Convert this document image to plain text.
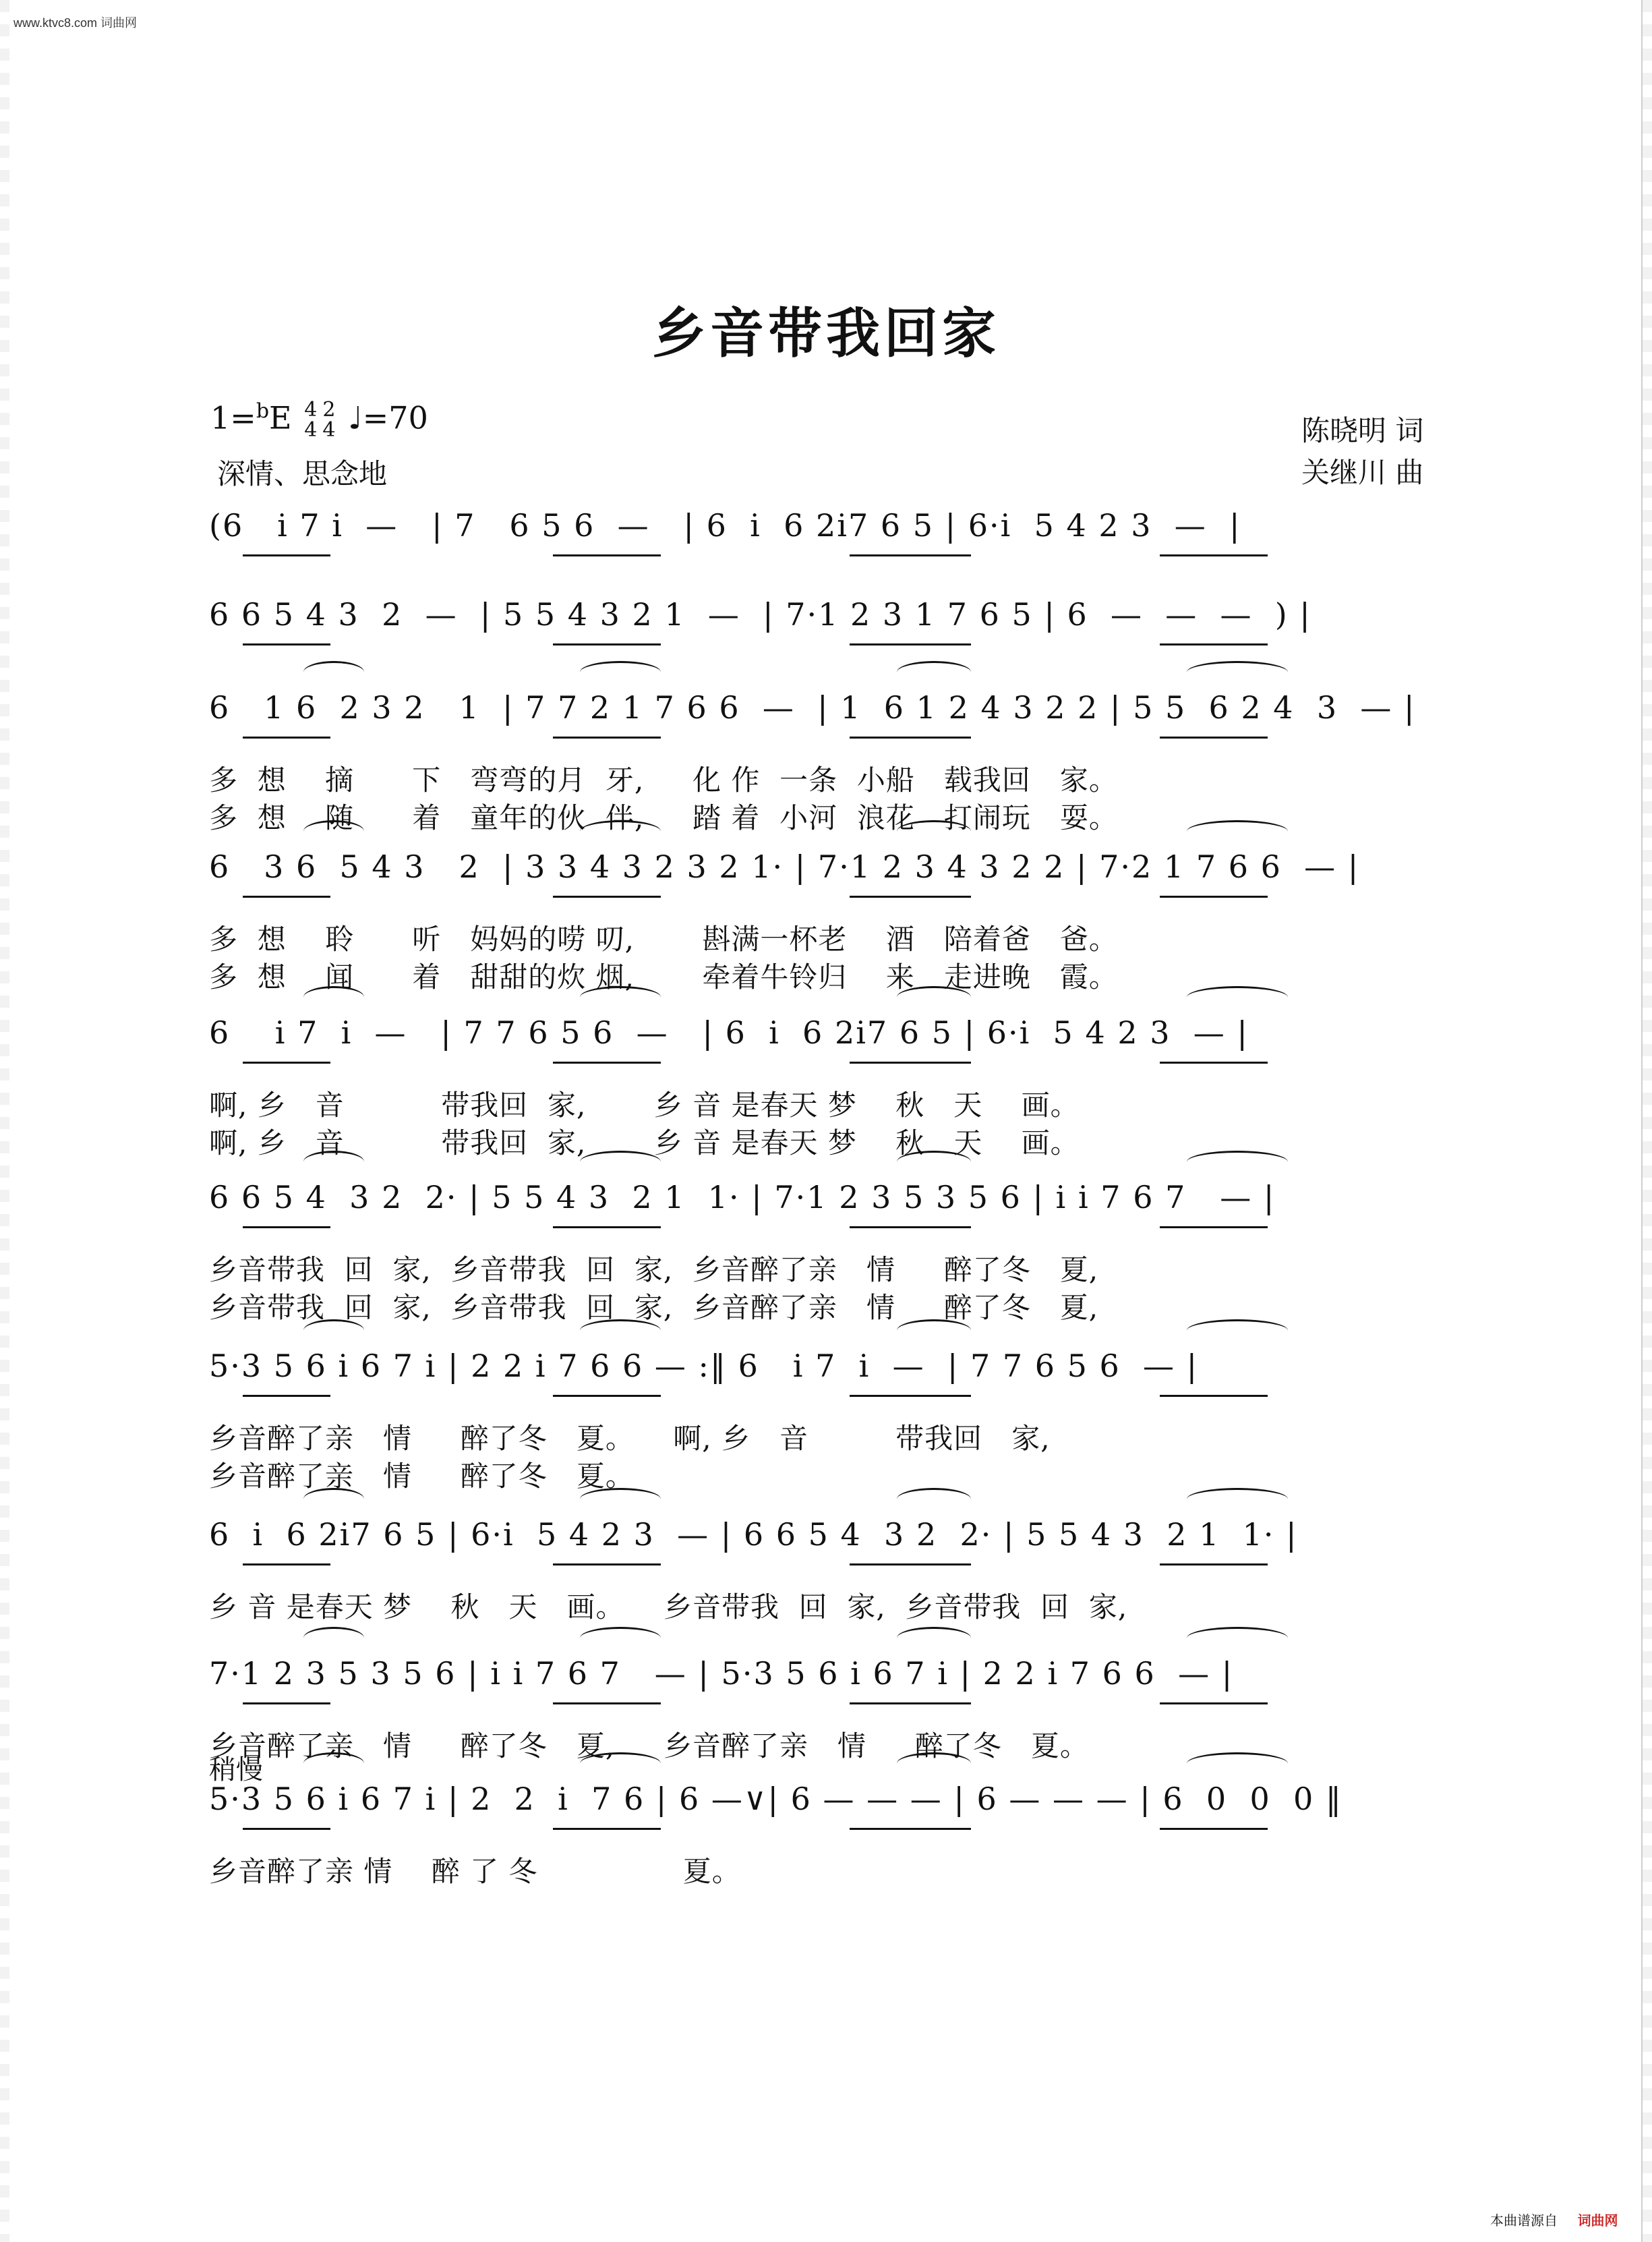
www.ktvc8.com 词曲网
乡音带我回家
1=$^b$E 4
4
2
4 ♩=70
深情、思念地
陈晓明 词
关继川 曲
(6   i 7 i  —   | 7   6 5 6  —   | 6  i  6 2i7 6 5 | 6·i  5 4 2 3  —  |
6 6 5 4 3  2  —  | 5 5 4 3 2 1  —  | 7·1 2 3 1 7 6 5 | 6  —  —  —  ) |
6   1 6  2 3 2   1  | 7 7 2 1 7 6 6  —  | 1  6 1 2 4 3 2 2 | 5 5  6 2 4  3  — |
多  想    摘      下   弯弯的月  牙,     化 作  一条  小船   载我回   家。
多  想    随      着   童年的伙  伴,     踏 着  小河  浪花   打闹玩   耍。
6   3 6  5 4 3   2  | 3 3 4 3 2 3 2 1· | 7·1 2 3 4 3 2 2 | 7·2 1 7 6 6  — |
多  想    聆      听   妈妈的唠 叨,       斟满一杯老    酒   陪着爸   爸。
多  想    闻      着   甜甜的炊 烟,       牵着牛铃归    来   走进晚   霞。
6    i 7  i  —   | 7 7 6 5 6  —   | 6  i  6 2i7 6 5 | 6·i  5 4 2 3  — |
啊, 乡   音          带我回  家,       乡 音 是春天 梦    秋   天    画。
啊, 乡   音          带我回  家,       乡 音 是春天 梦    秋   天    画。
6 6 5 4  3 2  2· | 5 5 4 3  2 1  1· | 7·1 2 3 5 3 5 6 | i i 7 6 7   — |
乡音带我  回  家,  乡音带我  回  家,  乡音醉了亲   情     醉了冬   夏,
乡音带我  回  家,  乡音带我  回  家,  乡音醉了亲   情     醉了冬   夏,
5·3 5 6 i 6 7 i | 2 2 i 7 6 6 — :‖ 6   i 7  i  —  | 7 7 6 5 6  — |
乡音醉了亲   情     醉了冬   夏。    啊, 乡   音         带我回   家,
乡音醉了亲   情     醉了冬   夏。
6  i  6 2i7 6 5 | 6·i  5 4 2 3  — | 6 6 5 4  3 2  2· | 5 5 4 3  2 1  1· |
乡 音 是春天 梦    秋   天   画。    乡音带我  回  家,  乡音带我  回  家,
7·1 2 3 5 3 5 6 | i i 7 6 7   — | 5·3 5 6 i 6 7 i | 2 2 i 7 6 6  — |
乡音醉了亲   情     醉了冬   夏,     乡音醉了亲   情     醉了冬   夏。
5·3 5 6 i 6 7 i | 2  2  i  7 6 | 6 —∨| 6 — — — | 6 — — — | 6  0  0  0 ‖
乡音醉了亲 情    醉 了 冬               夏。
稍慢
本曲谱源自 词曲网
